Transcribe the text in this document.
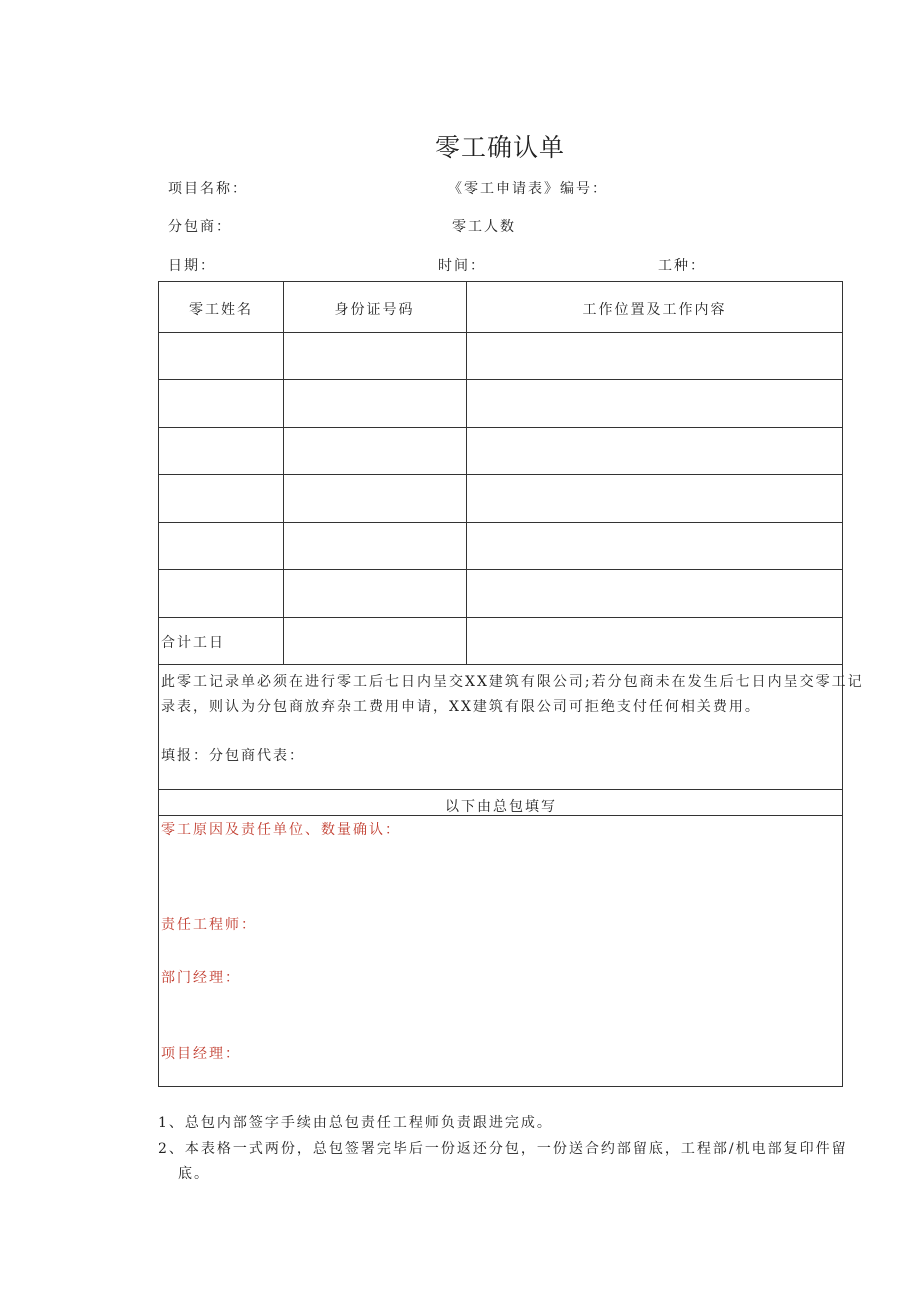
零工确认单
项目名称：	《零工申请表》编号：
分包商：	零工人数
日期：	时间：	工种：
零工姓名	身份证号码	工作位置及工作内容
合计工日
此零工记录单必须在进行零工后七日内呈交XX建筑有限公司;若分包商未在发生后七日内呈交零工记
录表，则认为分包商放弃杂工费用申请，XX建筑有限公司可拒绝支付任何相关费用。
填报：分包商代表：
以下由总包填写
零工原因及责任单位、数量确认：
责任工程师：
部门经理：
项目经理：
1、总包内部签字手续由总包责任工程师负责跟进完成。
2、本表格一式两份，总包签署完毕后一份返还分包，一份送合约部留底，工程部/机电部复印件留
底。
